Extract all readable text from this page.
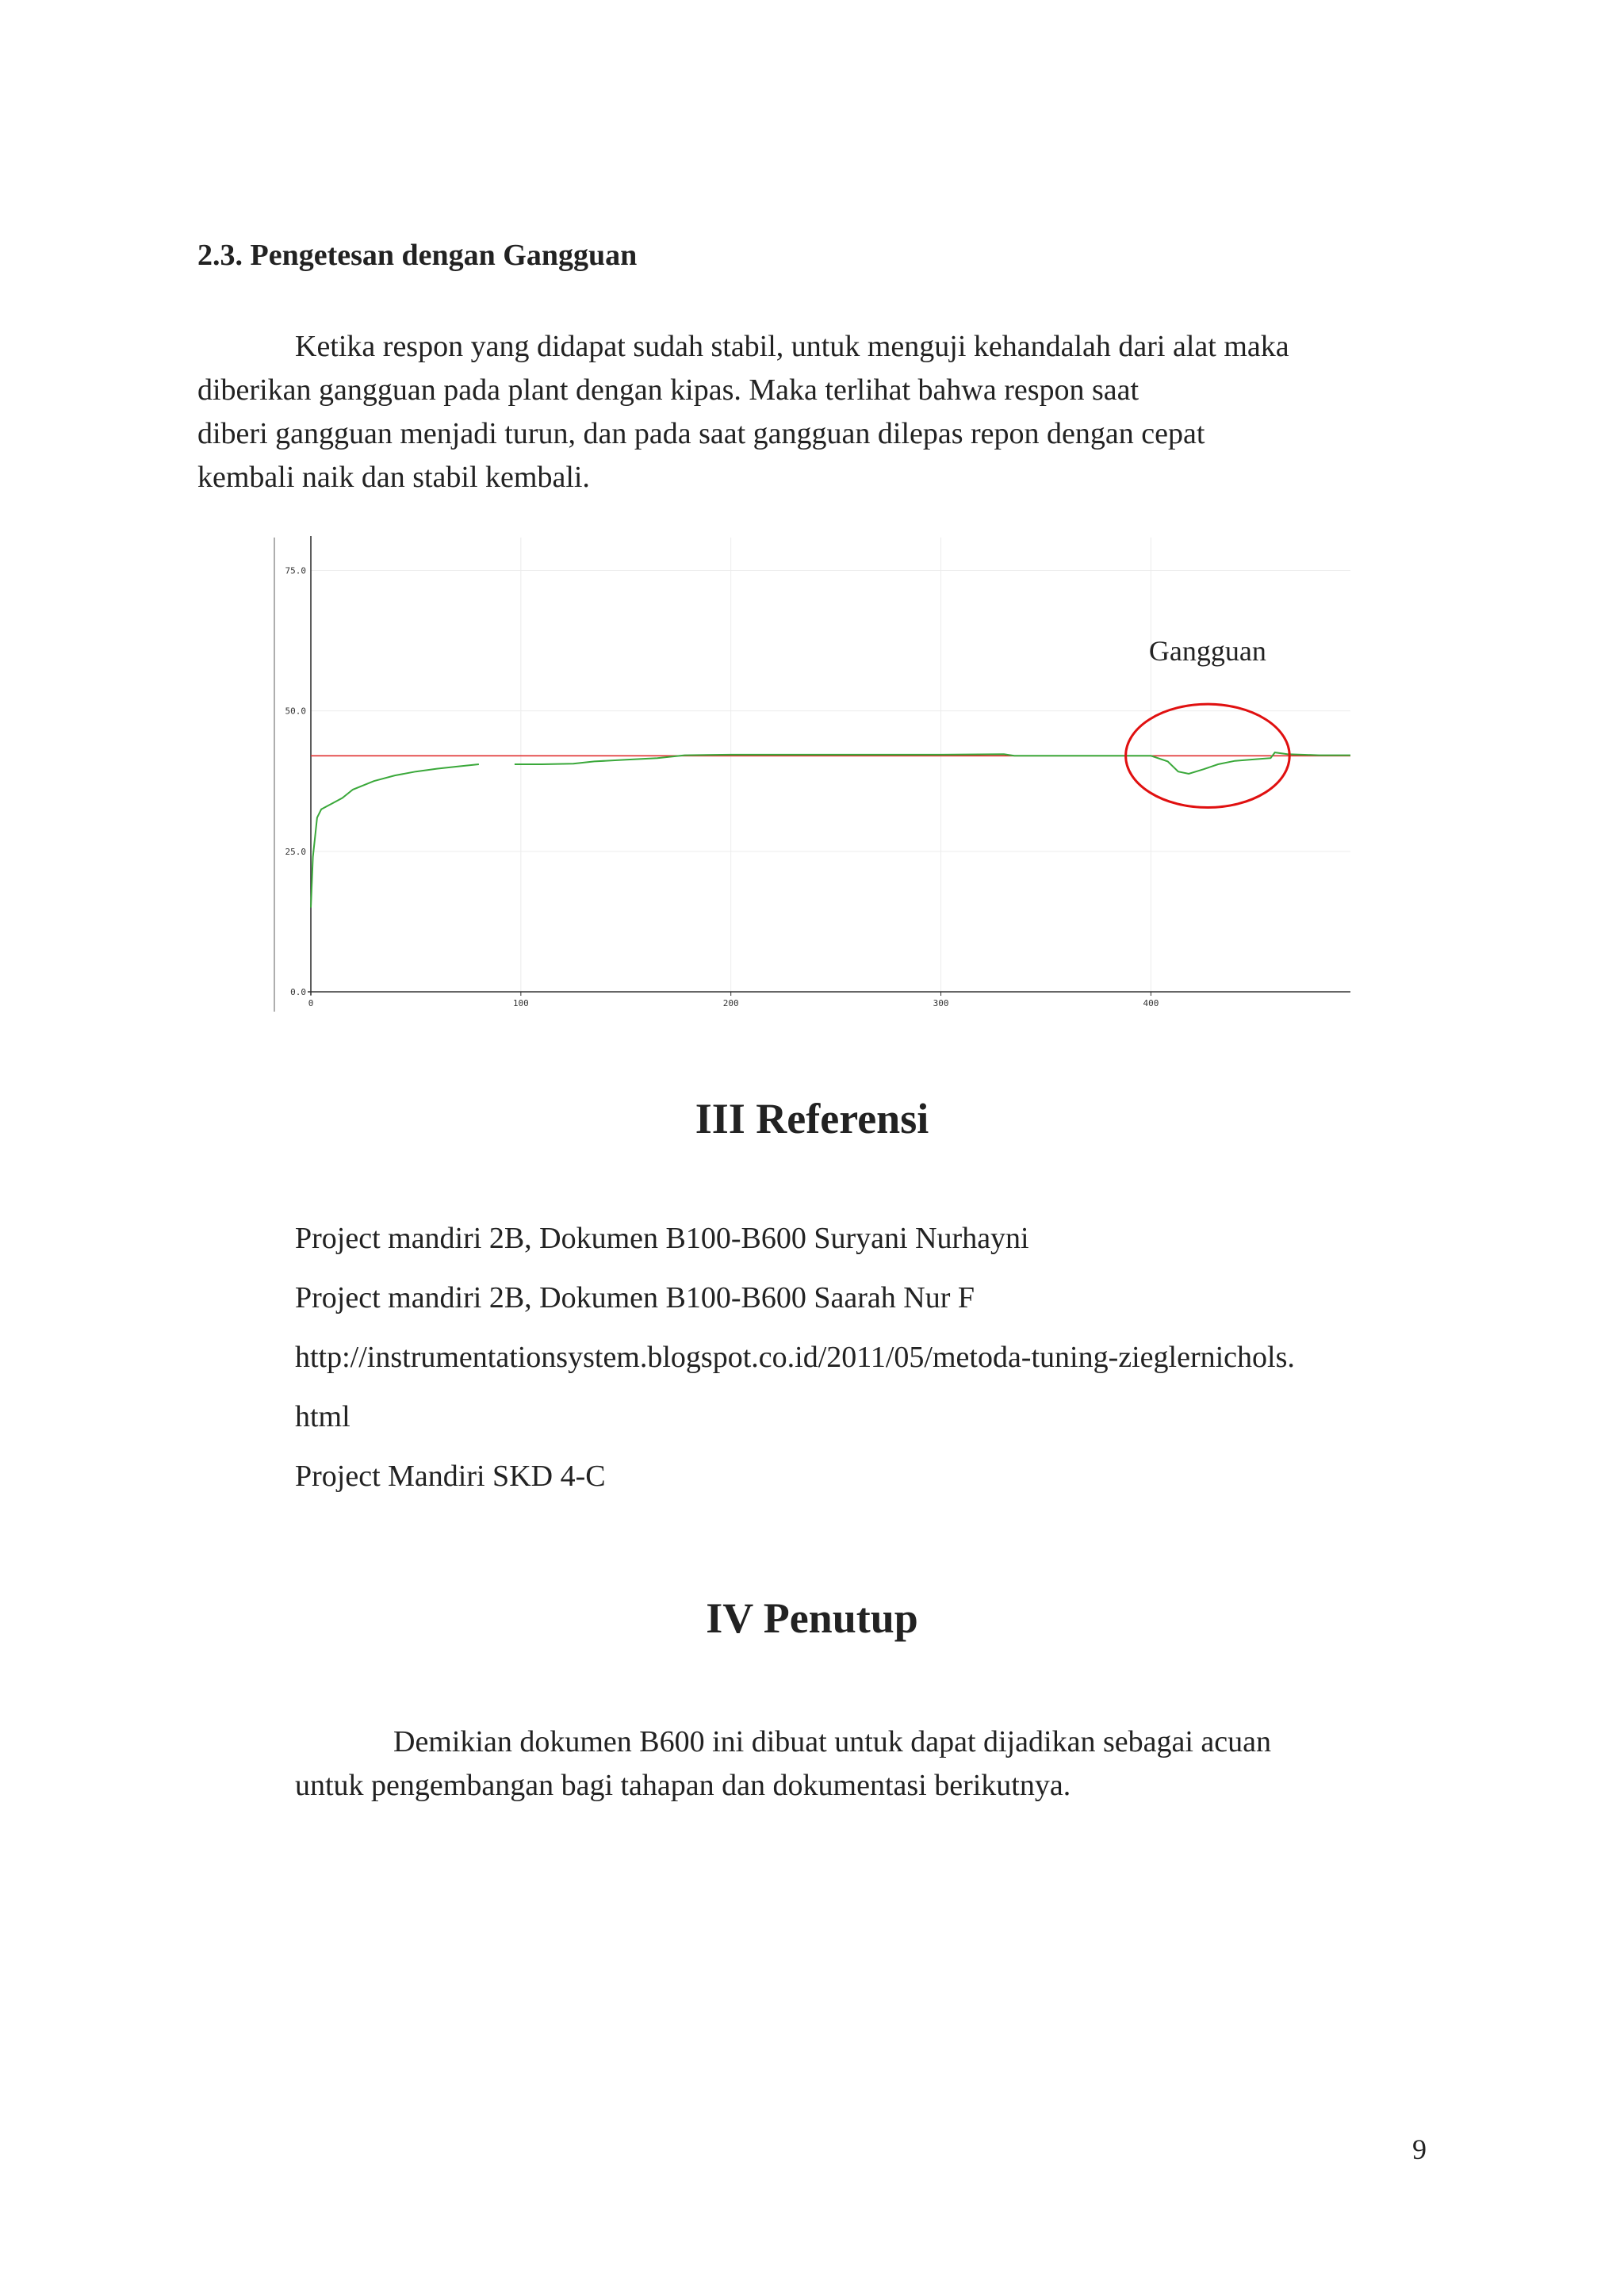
2.3. Pengetesan dengan Gangguan
Ketika respon yang didapat sudah stabil, untuk menguji kehandalah dari alat maka
diberikan gangguan pada plant dengan kipas. Maka terlihat bahwa respon saat
diberi gangguan menjadi turun, dan pada saat gangguan dilepas repon dengan cepat
kembali naik dan stabil kembali.
0	100	200	300	400
0.0
25.0
50.0
75.0
Gangguan
III Referensi
Project mandiri 2B, Dokumen B100-B600 Suryani Nurhayni
Project mandiri 2B, Dokumen B100-B600 Saarah Nur F
http://instrumentationsystem.blogspot.co.id/2011/05/metoda-tuning-zieglernichols.
html
Project Mandiri SKD 4-C
IV Penutup
Demikian dokumen B600 ini dibuat untuk dapat dijadikan sebagai acuan
untuk pengembangan bagi tahapan dan dokumentasi berikutnya.
9
